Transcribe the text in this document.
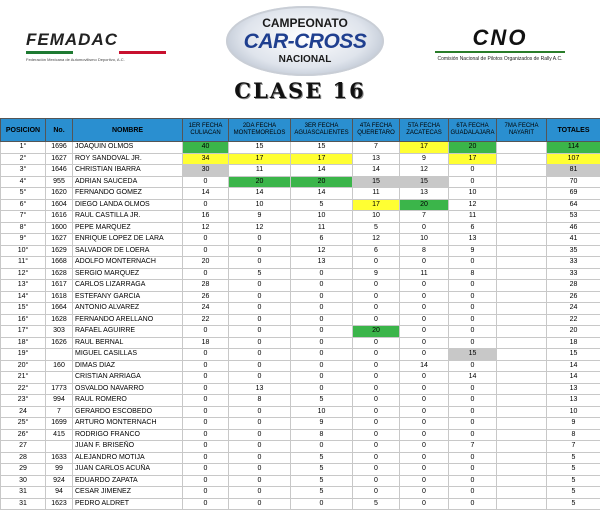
FEMADAC
Federación Mexicana de Automovilismo Deportivo, A.C.
CAMPEONATO
CAR-CROSS
NACIONAL
CNO
Comisión Nacional de Pilotos Organizados de Rally A.C.
CLASE 16
POSICION	No.	NOMBRE	1ER FECHA CULIACAN	2DA FECHA MONTEMORELOS	3ER FECHA AGUASCALIENTES	4TA FECHA QUERETARO	5TA FECHA ZACATECAS	6TA FECHA GUADALAJARA	7MA FECHA NAYARIT	TOTALES
1°	1696	JOAQUIN OLMOS	40	15	15	7	17	20		114
2°	1627	ROY SANDOVAL JR.	34	17	17	13	9	17		107
3°	1646	CHRISTIAN IBARRA	30	11	14	14	12	0		81
4°	955	ADRIAN SAUCEDA	0	20	20	15	15	0		70
5°	1620	FERNANDO GOMEZ	14	14	14	11	13	10		69
6°	1604	DIEGO LANDA OLMOS	0	10	5	17	20	12		64
7°	1616	RAUL CASTILLA JR.	16	9	10	10	7	11		53
8°	1600	PEPE MARQUEZ	12	12	11	5	0	6		46
9°	1627	ENRIQUE LOPEZ DE LARA	0	0	6	12	10	13		41
10°	1629	SALVADOR DE LOERA	0	0	12	6	8	9		35
11°	1668	ADOLFO MONTERNACH	20	0	13	0	0	0		33
12°	1628	SERGIO MARQUEZ	0	5	0	9	11	8		33
13°	1617	CARLOS LIZARRAGA	28	0	0	0	0	0		28
14°	1618	ESTEFANY GARCIA	26	0	0	0	0	0		26
15°	1664	ANTONIO ALVAREZ	24	0	0	0	0	0		24
16°	1628	FERNANDO ARELLANO	22	0	0	0	0	0		22
17°	303	RAFAEL AGUIRRE	0	0	0	20	0	0		20
18°	1626	RAUL BERNAL	18	0	0	0	0	0		18
19°		MIGUEL CASILLAS	0	0	0	0	0	15		15
20°	160	DIMAS DIAZ	0	0	0	0	14	0		14
21°		CRISTIAN ARRIAGA	0	0	0	0	0	14		14
22°	1773	OSVALDO NAVARRO	0	13	0	0	0	0		13
23°	994	RAUL ROMERO	0	8	5	0	0	0		13
24	7	GERARDO ESCOBEDO	0	0	10	0	0	0		10
25°	1699	ARTURO MONTERNACH	0	0	9	0	0	0		9
26°	415	RODRIGO FRANCO	0	0	8	0	0	0		8
27		JUAN F. BRISEÑO	0	0	0	0	0	7		7
28	1633	ALEJANDRO MOTIJA	0	0	5	0	0	0		5
29	99	JUAN CARLOS ACUÑA	0	0	5	0	0	0		5
30	924	EDUARDO ZAPATA	0	0	5	0	0	0		5
31	94	CESAR JIMENEZ	0	0	5	0	0	0		5
31	1623	PEDRO ALDRET	0	0	0	5	0	0		5
